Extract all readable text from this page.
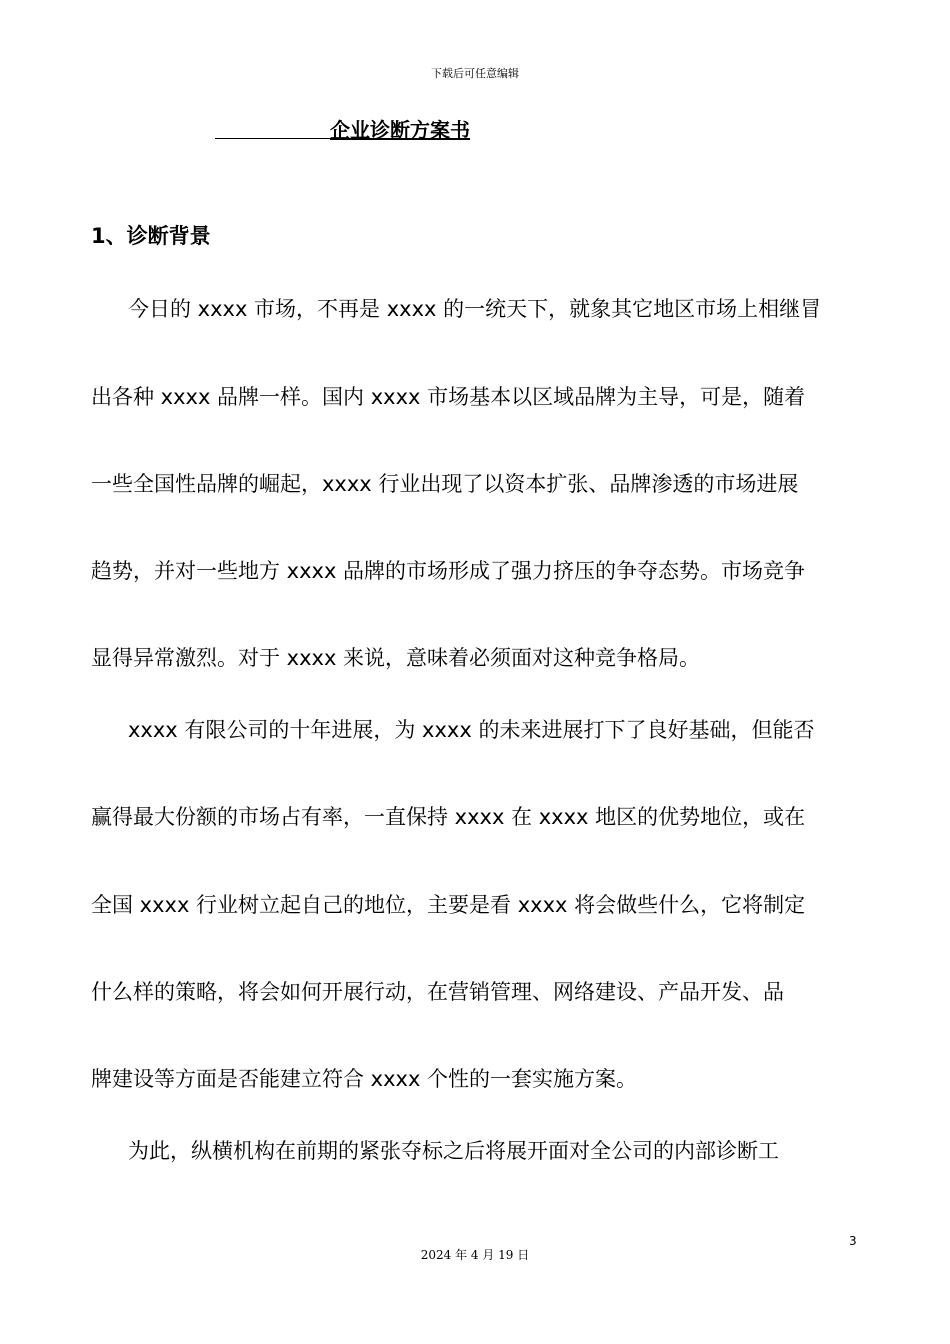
下载后可任意编辑
企业诊断方案书
1、诊断背景
今日的 xxxx 市场，不再是 xxxx 的一统天下，就象其它地区市场上相继冒
出各种 xxxx 品牌一样。国内 xxxx 市场基本以区域品牌为主导，可是，随着
一些全国性品牌的崛起，xxxx 行业出现了以资本扩张、品牌渗透的市场进展
趋势，并对一些地方 xxxx 品牌的市场形成了强力挤压的争夺态势。市场竞争
显得异常激烈。对于 xxxx 来说，意味着必须面对这种竞争格局。
xxxx 有限公司的十年进展，为 xxxx 的未来进展打下了良好基础，但能否
赢得最大份额的市场占有率，一直保持 xxxx 在 xxxx 地区的优势地位，或在
全国 xxxx 行业树立起自己的地位，主要是看 xxxx 将会做些什么，它将制定
什么样的策略，将会如何开展行动，在营销管理、网络建设、产品开发、品
牌建设等方面是否能建立符合 xxxx 个性的一套实施方案。
为此，纵横机构在前期的紧张夺标之后将展开面对全公司的内部诊断工
3
2024 年 4 月 19 日
